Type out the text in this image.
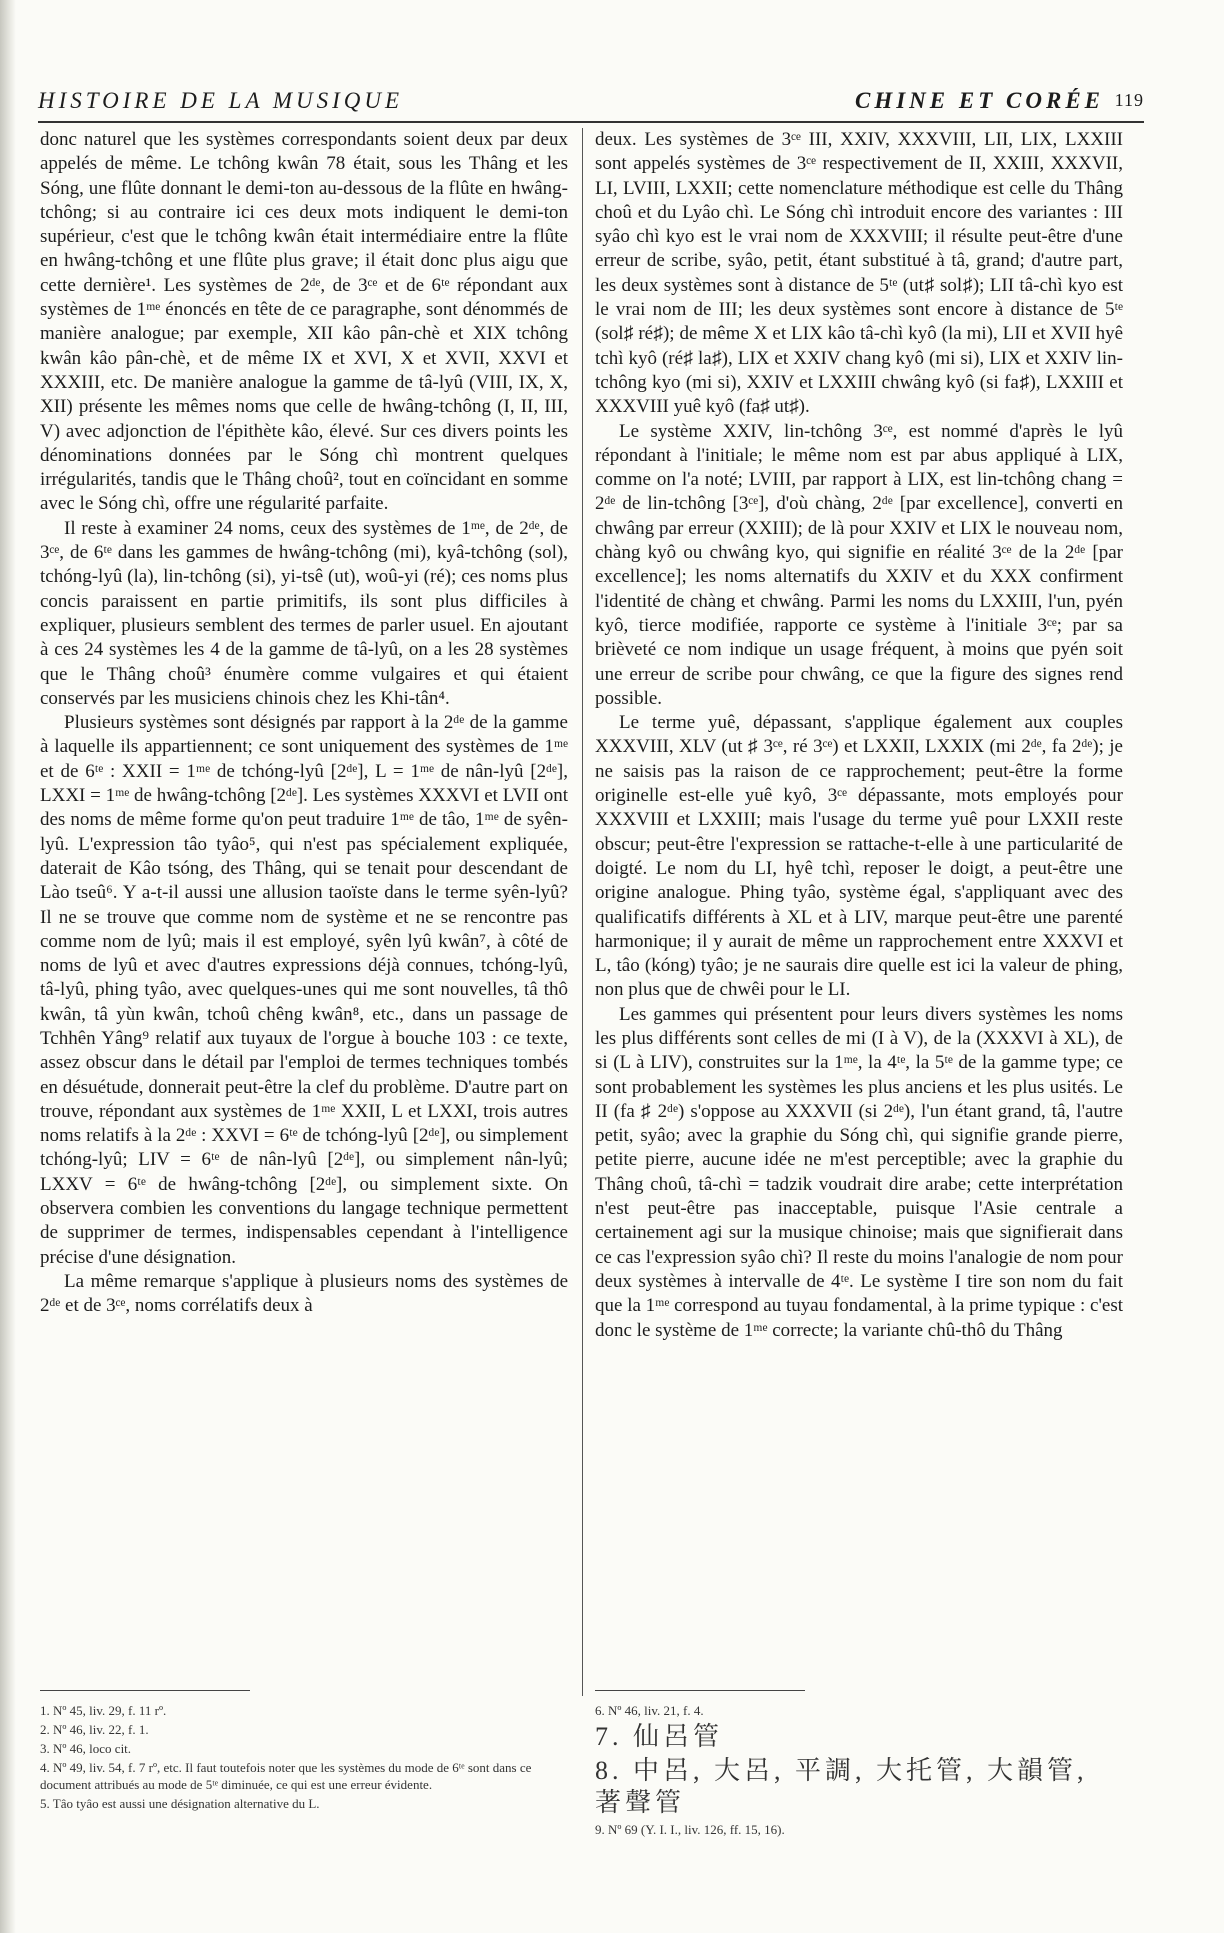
HISTOIRE DE LA MUSIQUE	CHINE ET CORÉE 119

donc naturel que les systèmes correspondants soient deux par deux appelés de même. Le tchông kwân 78 était, sous les Thâng et les Sóng, une flûte donnant le demi-ton au-dessous de la flûte en hwâng-tchông; si au contraire ici ces deux mots indiquent le demi-ton supérieur, c'est que le tchông kwân était intermédiaire entre la flûte en hwâng-tchông et une flûte plus grave; il était donc plus aigu que cette dernière¹. Les systèmes de 2ᵈᵉ, de 3ᶜᵉ et de 6ᵗᵉ répondant aux systèmes de 1ᵐᵉ énoncés en tête de ce paragraphe, sont dénommés de manière analogue; par exemple, XII kâo pân-chè et XIX tchông kwân kâo pân-chè, et de même IX et XVI, X et XVII, XXVI et XXXIII, etc. De manière analogue la gamme de tâ-lyû (VIII, IX, X, XII) présente les mêmes noms que celle de hwâng-tchông (I, II, III, V) avec adjonction de l'épithète kâo, élevé. Sur ces divers points les dénominations données par le Sóng chì montrent quelques irrégularités, tandis que le Thâng choû², tout en coïncidant en somme avec le Sóng chì, offre une régularité parfaite.

Il reste à examiner 24 noms, ceux des systèmes de 1ᵐᵉ, de 2ᵈᵉ, de 3ᶜᵉ, de 6ᵗᵉ dans les gammes de hwâng-tchông (mi), kyâ-tchông (sol), tchóng-lyû (la), lin-tchông (si), yi-tsê (ut), woû-yi (ré); ces noms plus concis paraissent en partie primitifs, ils sont plus difficiles à expliquer, plusieurs semblent des termes de parler usuel. En ajoutant à ces 24 systèmes les 4 de la gamme de tâ-lyû, on a les 28 systèmes que le Thâng choû³ énumère comme vulgaires et qui étaient conservés par les musiciens chinois chez les Khi-tân⁴.

Plusieurs systèmes sont désignés par rapport à la 2ᵈᵉ de la gamme à laquelle ils appartiennent; ce sont uniquement des systèmes de 1ᵐᵉ et de 6ᵗᵉ : XXII = 1ᵐᵉ de tchóng-lyû [2ᵈᵉ], L = 1ᵐᵉ de nân-lyû [2ᵈᵉ], LXXI = 1ᵐᵉ de hwâng-tchông [2ᵈᵉ]. Les systèmes XXXVI et LVII ont des noms de même forme qu'on peut traduire 1ᵐᵉ de tâo, 1ᵐᵉ de syên-lyû. L'expression tâo tyâo⁵, qui n'est pas spécialement expliquée, daterait de Kâo tsóng, des Thâng, qui se tenait pour descendant de Lào tseû⁶. Y a-t-il aussi une allusion taoïste dans le terme syên-lyû? Il ne se trouve que comme nom de système et ne se rencontre pas comme nom de lyû; mais il est employé, syên lyû kwân⁷, à côté de noms de lyû et avec d'autres expressions déjà connues, tchóng-lyû, tâ-lyû, phing tyâo, avec quelques-unes qui me sont nouvelles, tâ thô kwân, tâ yùn kwân, tchoû chêng kwân⁸, etc., dans un passage de Tchhên Yâng⁹ relatif aux tuyaux de l'orgue à bouche 103 : ce texte, assez obscur dans le détail par l'emploi de termes techniques tombés en désuétude, donnerait peut-être la clef du problème. D'autre part on trouve, répondant aux systèmes de 1ᵐᵉ XXII, L et LXXI, trois autres noms relatifs à la 2ᵈᵉ : XXVI = 6ᵗᵉ de tchóng-lyû [2ᵈᵉ], ou simplement tchóng-lyû; LIV = 6ᵗᵉ de nân-lyû [2ᵈᵉ], ou simplement nân-lyû; LXXV = 6ᵗᵉ de hwâng-tchông [2ᵈᵉ], ou simplement sixte. On observera combien les conventions du langage technique permettent de supprimer de termes, indispensables cependant à l'intelligence précise d'une désignation.

La même remarque s'applique à plusieurs noms des systèmes de 2ᵈᵉ et de 3ᶜᵉ, noms corrélatifs deux à

deux. Les systèmes de 3ᶜᵉ III, XXIV, XXXVIII, LII, LIX, LXXIII sont appelés systèmes de 3ᶜᵉ respectivement de II, XXIII, XXXVII, LI, LVIII, LXXII; cette nomenclature méthodique est celle du Thâng choû et du Lyâo chì. Le Sóng chì introduit encore des variantes : III syâo chì kyo est le vrai nom de XXXVIII; il résulte peut-être d'une erreur de scribe, syâo, petit, étant substitué à tâ, grand; d'autre part, les deux systèmes sont à distance de 5ᵗᵉ (ut♯ sol♯); LII tâ-chì kyo est le vrai nom de III; les deux systèmes sont encore à distance de 5ᵗᵉ (sol♯ ré♯); de même X et LIX kâo tâ-chì kyô (la mi), LII et XVII hyê tchì kyô (ré♯ la♯), LIX et XXIV chang kyô (mi si), LIX et XXIV lin-tchông kyo (mi si), XXIV et LXXIII chwâng kyô (si fa♯), LXXIII et XXXVIII yuê kyô (fa♯ ut♯).

Le système XXIV, lin-tchông 3ᶜᵉ, est nommé d'après le lyû répondant à l'initiale; le même nom est par abus appliqué à LIX, comme on l'a noté; LVIII, par rapport à LIX, est lin-tchông chang = 2ᵈᵉ de lin-tchông [3ᶜᵉ], d'où chàng, 2ᵈᵉ [par excellence], converti en chwâng par erreur (XXIII); de là pour XXIV et LIX le nouveau nom, chàng kyô ou chwâng kyo, qui signifie en réalité 3ᶜᵉ de la 2ᵈᵉ [par excellence]; les noms alternatifs du XXIV et du XXX confirment l'identité de chàng et chwâng. Parmi les noms du LXXIII, l'un, pyén kyô, tierce modifiée, rapporte ce système à l'initiale 3ᶜᵉ; par sa brièveté ce nom indique un usage fréquent, à moins que pyén soit une erreur de scribe pour chwâng, ce que la figure des signes rend possible.

Le terme yuê, dépassant, s'applique également aux couples XXXVIII, XLV (ut ♯ 3ᶜᵉ, ré 3ᶜᵉ) et LXXII, LXXIX (mi 2ᵈᵉ, fa 2ᵈᵉ); je ne saisis pas la raison de ce rapprochement; peut-être la forme originelle est-elle yuê kyô, 3ᶜᵉ dépassante, mots employés pour XXXVIII et LXXIII; mais l'usage du terme yuê pour LXXII reste obscur; peut-être l'expression se rattache-t-elle à une particularité de doigté. Le nom du LI, hyê tchì, reposer le doigt, a peut-être une origine analogue. Phing tyâo, système égal, s'appliquant avec des qualificatifs différents à XL et à LIV, marque peut-être une parenté harmonique; il y aurait de même un rapprochement entre XXXVI et L, tâo (kóng) tyâo; je ne saurais dire quelle est ici la valeur de phing, non plus que de chwêi pour le LI.

Les gammes qui présentent pour leurs divers systèmes les noms les plus différents sont celles de mi (I à V), de la (XXXVI à XL), de si (L à LIV), construites sur la 1ᵐᵉ, la 4ᵗᵉ, la 5ᵗᵉ de la gamme type; ce sont probablement les systèmes les plus anciens et les plus usités. Le II (fa ♯ 2ᵈᵉ) s'oppose au XXXVII (si 2ᵈᵉ), l'un étant grand, tâ, l'autre petit, syâo; avec la graphie du Sóng chì, qui signifie grande pierre, petite pierre, aucune idée ne m'est perceptible; avec la graphie du Thâng choû, tâ-chì = tadzik voudrait dire arabe; cette interprétation n'est peut-être pas inacceptable, puisque l'Asie centrale a certainement agi sur la musique chinoise; mais que signifierait dans ce cas l'expression syâo chì? Il reste du moins l'analogie de nom pour deux systèmes à intervalle de 4ᵗᵉ. Le système I tire son nom du fait que la 1ᵐᵉ correspond au tuyau fondamental, à la prime typique : c'est donc le système de 1ᵐᵉ correcte; la variante chû-thô du Thâng

1. Nº 45, liv. 29, f. 11 rº.

2. Nº 46, liv. 22, f. 1.

3. Nº 46, loco cit.

4. Nº 49, liv. 54, f. 7 rº, etc. Il faut toutefois noter que les systèmes du mode de 6ᵗᵉ sont dans ce document attribués au mode de 5ᵗᵉ diminuée, ce qui est une erreur évidente.

5. Tâo tyâo est aussi une désignation alternative du L.

6. Nº 46, liv. 21, f. 4.

7. 仙呂管

8. 中呂, 大呂, 平調, 大托管, 大韻管, 著聲管

9. Nº 69 (Y. I. I., liv. 126, ff. 15, 16).
